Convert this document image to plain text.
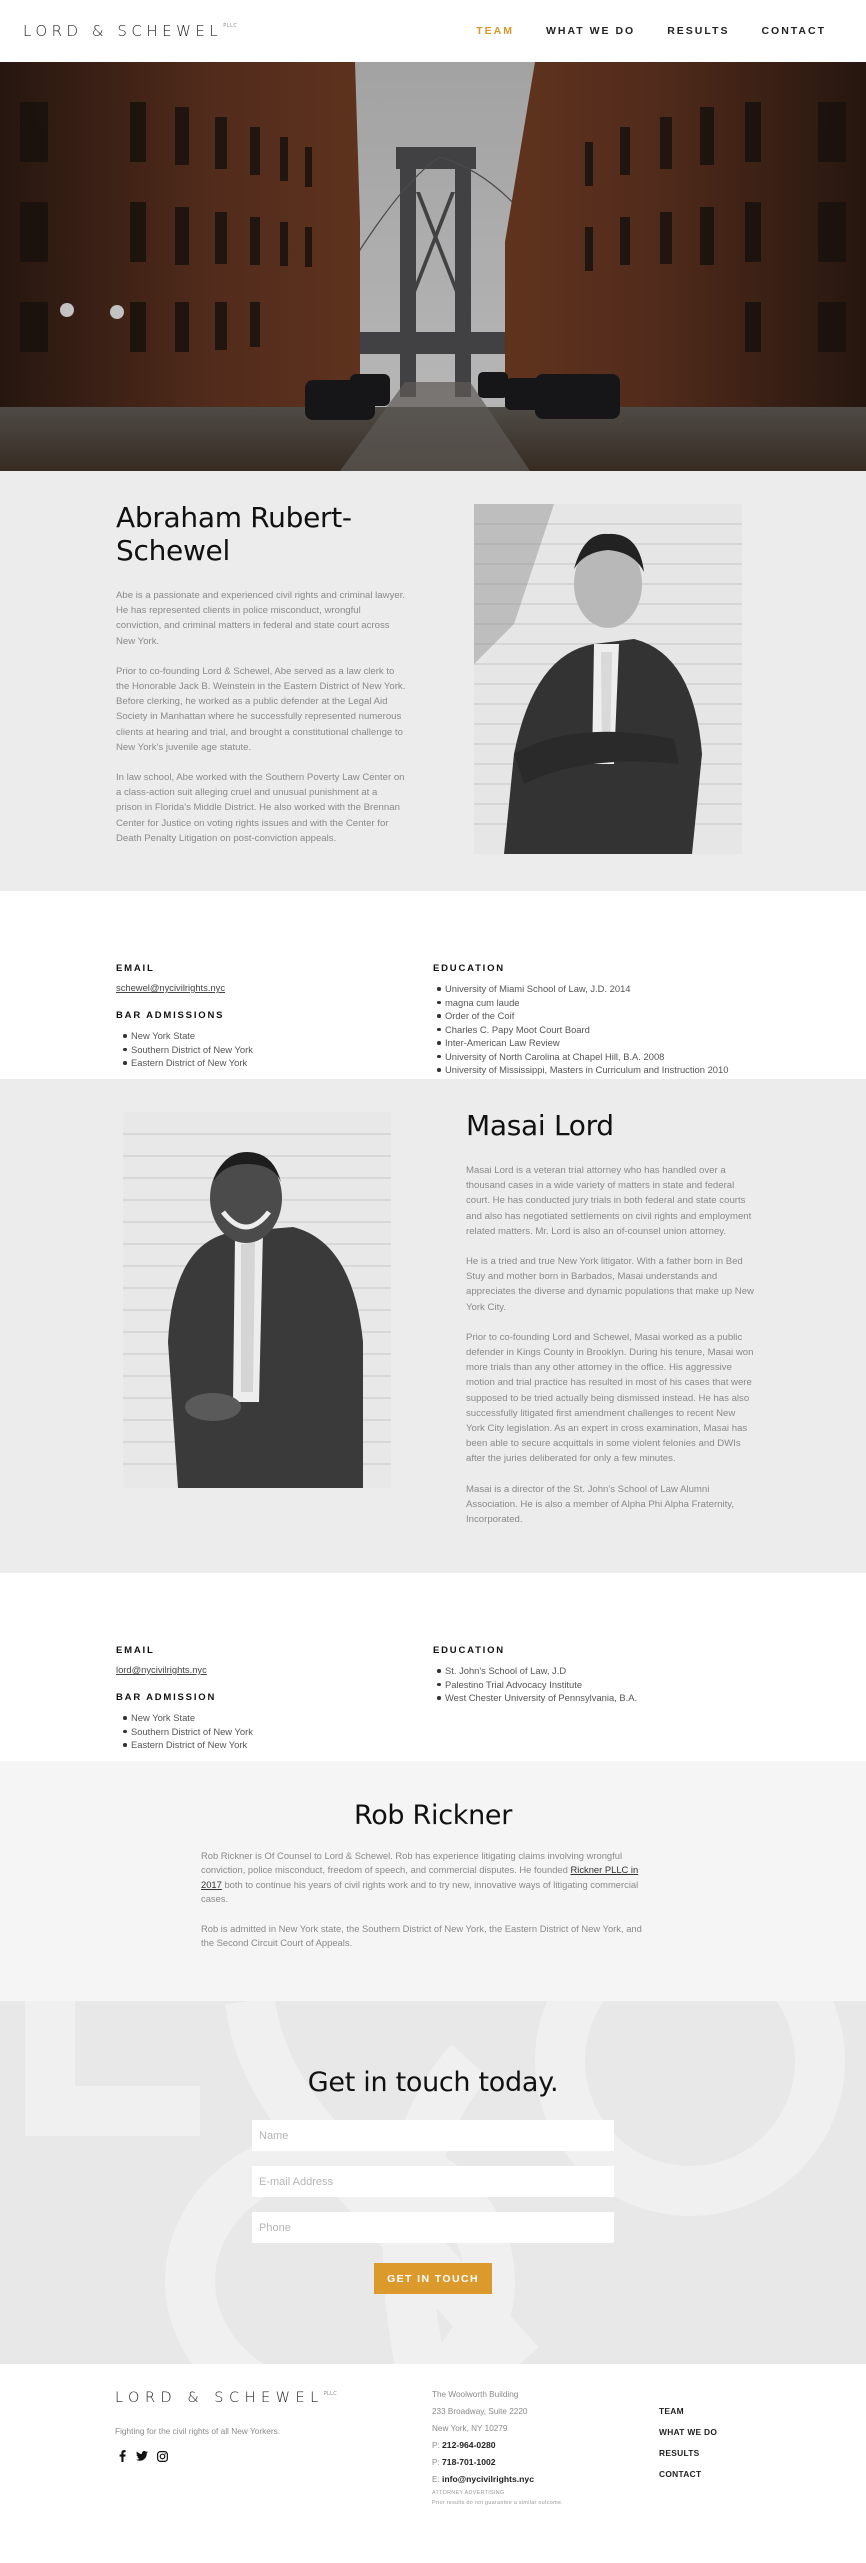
LORD & $SCHEWEL^{PLLC}$	TEAM	WHAT WE DO	RESULTS	CONTACT
Abraham Rubert-
Schewel

Abe is a passionate and experienced civil rights and criminal lawyer. He has represented clients in police misconduct, wrongful conviction, and criminal matters in federal and state court across New York.

Prior to co-founding Lord & Schewel, Abe served as a law clerk to the Honorable Jack B. Weinstein in the Eastern District of New York. Before clerking, he worked as a public defender at the Legal Aid Society in Manhattan where he successfully represented numerous clients at hearing and trial, and brought a constitutional challenge to New York's juvenile age statute.

In law school, Abe worked with the Southern Poverty Law Center on a class-action suit alleging cruel and unusual punishment at a prison in Florida's Middle District. He also worked with the Brennan Center for Justice on voting rights issues and with the Center for Death Penalty Litigation on post-conviction appeals.

EMAIL
schewel@nycivilrights.nyc
BAR ADMISSIONS
New York State
Southern District of New York
Eastern District of New York
EDUCATION
University of Miami School of Law, J.D. 2014
magna cum laude
Order of the Coif
Charles C. Papy Moot Court Board
Inter-American Law Review
University of North Carolina at Chapel Hill, B.A. 2008
University of Mississippi, Masters in Curriculum and Instruction 2010
Masai Lord

Masai Lord is a veteran trial attorney who has handled over a thousand cases in a wide variety of matters in state and federal court. He has conducted jury trials in both federal and state courts and also has negotiated settlements on civil rights and employment related matters. Mr. Lord is also an of-counsel union attorney.

He is a tried and true New York litigator. With a father born in Bed Stuy and mother born in Barbados, Masai understands and appreciates the diverse and dynamic populations that make up New York City.

Prior to co-founding Lord and Schewel, Masai worked as a public defender in Kings County in Brooklyn. During his tenure, Masai won more trials than any other attorney in the office. His aggressive motion and trial practice has resulted in most of his cases that were supposed to be tried actually being dismissed instead. He has also successfully litigated first amendment challenges to recent New York City legislation. As an expert in cross examination, Masai has been able to secure acquittals in some violent felonies and DWIs after the juries deliberated for only a few minutes.

Masai is a director of the St. John's School of Law Alumni Association. He is also a member of Alpha Phi Alpha Fraternity, Incorporated.

EMAIL
lord@nycivilrights.nyc
BAR ADMISSION
New York State
Southern District of New York
Eastern District of New York
EDUCATION
St. John's School of Law, J.D
Palestino Trial Advocacy Institute
West Chester University of Pennsylvania, B.A.
Rob Rickner

Rob Rickner is Of Counsel to Lord & Schewel. Rob has experience litigating claims involving wrongful conviction, police misconduct, freedom of speech, and commercial disputes. He founded Rickner PLLC in 2017 both to continue his years of civil rights work and to try new, innovative ways of litigating commercial cases.

Rob is admitted in New York state, the Southern District of New York, the Eastern District of New York, and the Second Circuit Court of Appeals.

Get in touch today.
Name
E-mail Address
Phone GET IN TOUCH
LORD & SCHEWEL PLLC
Fighting for the civil rights of all New Yorkers.
The Woolworth Building
233 Broadway, Suite 2220
New York, NY 10279
P: 212-964-0280
P: 718-701-1002
E: info@nycivilrights.nyc
ATTORNEY ADVERTISING
Prior results do not guarantee a similar outcome.
TEAM
WHAT WE DO
RESULTS
CONTACT
